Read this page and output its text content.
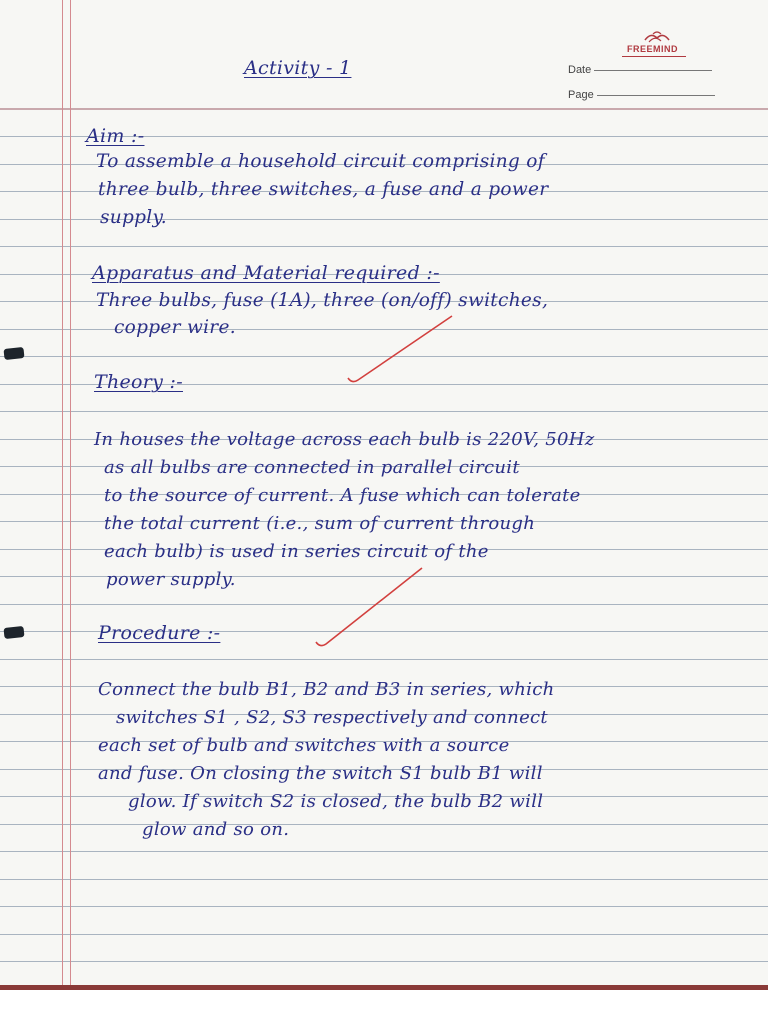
FREEMIND
Date
Page
Activity - 1
Aim :-
To assemble a household circuit comprising of
three bulb, three switches, a fuse and a power
supply.
Apparatus and Material required :-
Three bulbs, fuse (1A), three (on/off) switches,
copper wire.
Theory :-
In houses the voltage across each bulb is 220V, 50Hz
as all bulbs are connected in parallel circuit
to the source of current. A fuse which can tolerate
the total current (i.e., sum of current through
each bulb) is used in series circuit of the
power supply.
Procedure :-
Connect the bulb B1, B2 and B3 in series, which
switches S1 , S2, S3 respectively and connect
each set of bulb and switches with a source
and fuse. On closing the switch S1 bulb B1 will
glow. If switch S2 is closed, the bulb B2 will
glow and so on.
